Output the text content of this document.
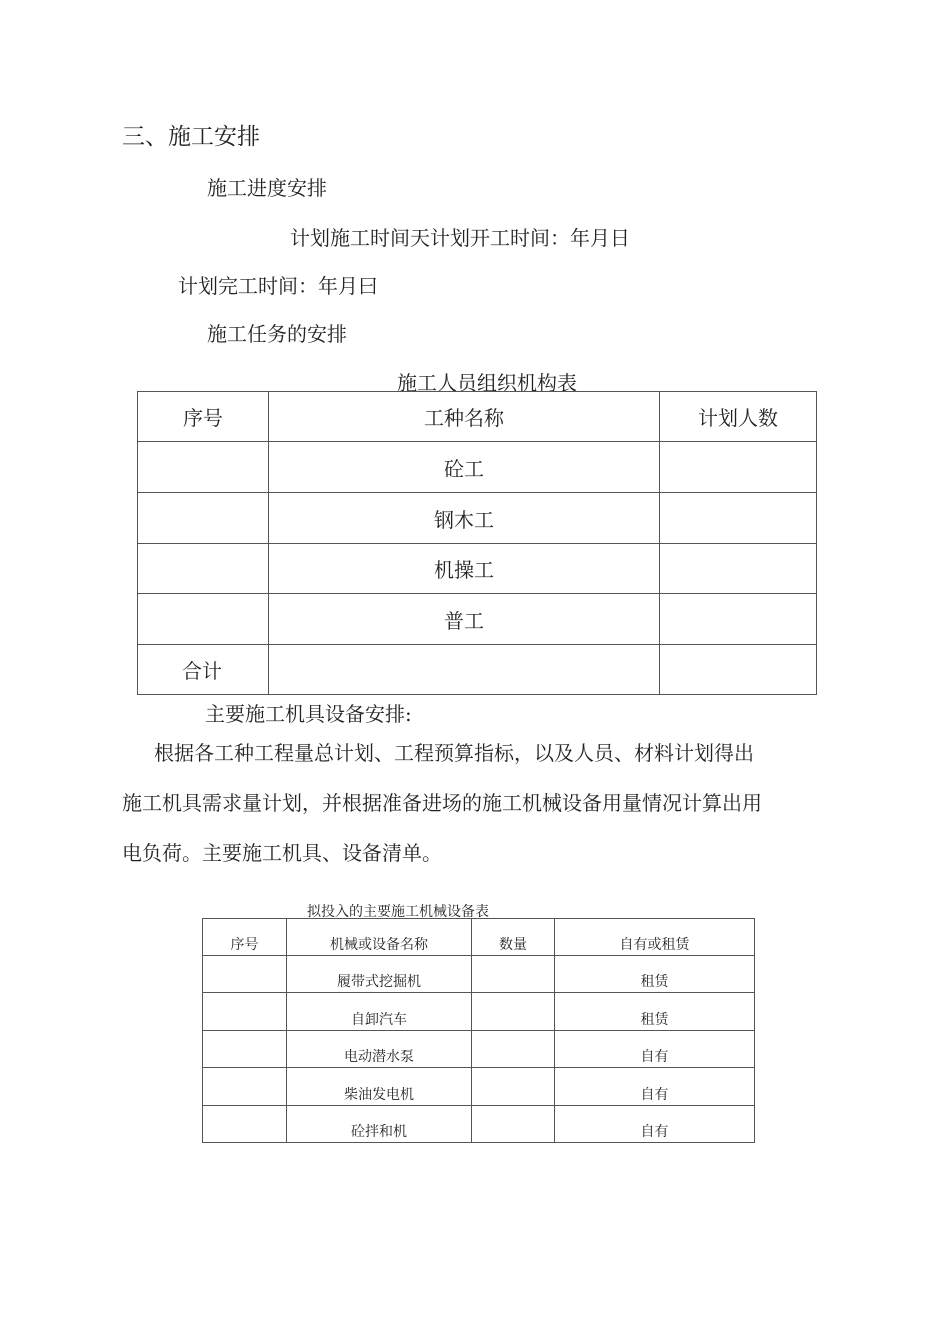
三、施工安排
施工进度安排
计划施工时间天计划开工时间：年月日
计划完工时间：年月曰
施工任务的安排
施工人员组织机构表
序号	工种名称	计划人数
	砼工	
	钢木工	
	机操工	
	普工	
合计		
主要施工机具设备安排:
根据各工种工程量总计划、工程预算指标，以及人员、材料计划得出
施工机具需求量计划，并根据准备进场的施工机械设备用量情况计算出用
电负荷。主要施工机具、设备清单。
拟投入的主要施工机械设备表
序号	机械或设备名称	数量	自有或租赁
	履带式挖掘机		租赁
	自卸汽车		租赁
	电动潜水泵		自有
	柴油发电机		自有
	砼拌和机		自有
